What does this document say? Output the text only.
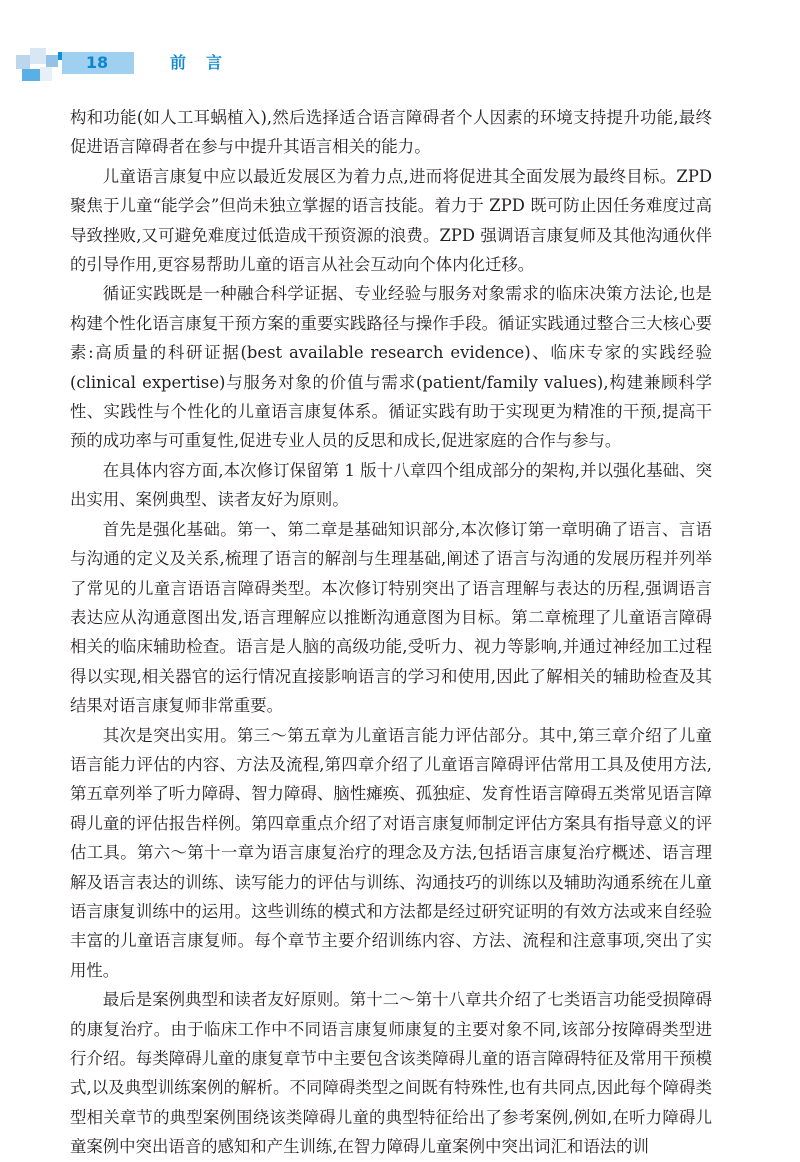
18	前言

构和功能(如人工耳蜗植入),然后选择适合语言障碍者个人因素的环境支持提升功能,最终促进语言障碍者在参与中提升其语言相关的能力。

儿童语言康复中应以最近发展区为着力点,进而将促进其全面发展为最终目标。ZPD聚焦于儿童“能学会”但尚未独立掌握的语言技能。着力于 ZPD 既可防止因任务难度过高导致挫败,又可避免难度过低造成干预资源的浪费。ZPD 强调语言康复师及其他沟通伙伴的引导作用,更容易帮助儿童的语言从社会互动向个体内化迁移。

循证实践既是一种融合科学证据、专业经验与服务对象需求的临床决策方法论,也是构建个性化语言康复干预方案的重要实践路径与操作手段。循证实践通过整合三大核心要素:高质量的科研证据(best available research evidence)、临床专家的实践经验(clinical expertise)与服务对象的价值与需求(patient/family values),构建兼顾科学性、实践性与个性化的儿童语言康复体系。循证实践有助于实现更为精准的干预,提高干预的成功率与可重复性,促进专业人员的反思和成长,促进家庭的合作与参与。

在具体内容方面,本次修订保留第 1 版十八章四个组成部分的架构,并以强化基础、突出实用、案例典型、读者友好为原则。

首先是强化基础。第一、第二章是基础知识部分,本次修订第一章明确了语言、言语与沟通的定义及关系,梳理了语言的解剖与生理基础,阐述了语言与沟通的发展历程并列举了常见的儿童言语语言障碍类型。本次修订特别突出了语言理解与表达的历程,强调语言表达应从沟通意图出发,语言理解应以推断沟通意图为目标。第二章梳理了儿童语言障碍相关的临床辅助检查。语言是人脑的高级功能,受听力、视力等影响,并通过神经加工过程得以实现,相关器官的运行情况直接影响语言的学习和使用,因此了解相关的辅助检查及其结果对语言康复师非常重要。

其次是突出实用。第三～第五章为儿童语言能力评估部分。其中,第三章介绍了儿童语言能力评估的内容、方法及流程,第四章介绍了儿童语言障碍评估常用工具及使用方法,第五章列举了听力障碍、智力障碍、脑性瘫痪、孤独症、发育性语言障碍五类常见语言障碍儿童的评估报告样例。第四章重点介绍了对语言康复师制定评估方案具有指导意义的评估工具。第六～第十一章为语言康复治疗的理念及方法,包括语言康复治疗概述、语言理解及语言表达的训练、读写能力的评估与训练、沟通技巧的训练以及辅助沟通系统在儿童语言康复训练中的运用。这些训练的模式和方法都是经过研究证明的有效方法或来自经验丰富的儿童语言康复师。每个章节主要介绍训练内容、方法、流程和注意事项,突出了实用性。

最后是案例典型和读者友好原则。第十二～第十八章共介绍了七类语言功能受损障碍的康复治疗。由于临床工作中不同语言康复师康复的主要对象不同,该部分按障碍类型进行介绍。每类障碍儿童的康复章节中主要包含该类障碍儿童的语言障碍特征及常用干预模式,以及典型训练案例的解析。不同障碍类型之间既有特殊性,也有共同点,因此每个障碍类型相关章节的典型案例围绕该类障碍儿童的典型特征给出了参考案例,例如,在听力障碍儿童案例中突出语音的感知和产生训练,在智力障碍儿童案例中突出词汇和语法的训
